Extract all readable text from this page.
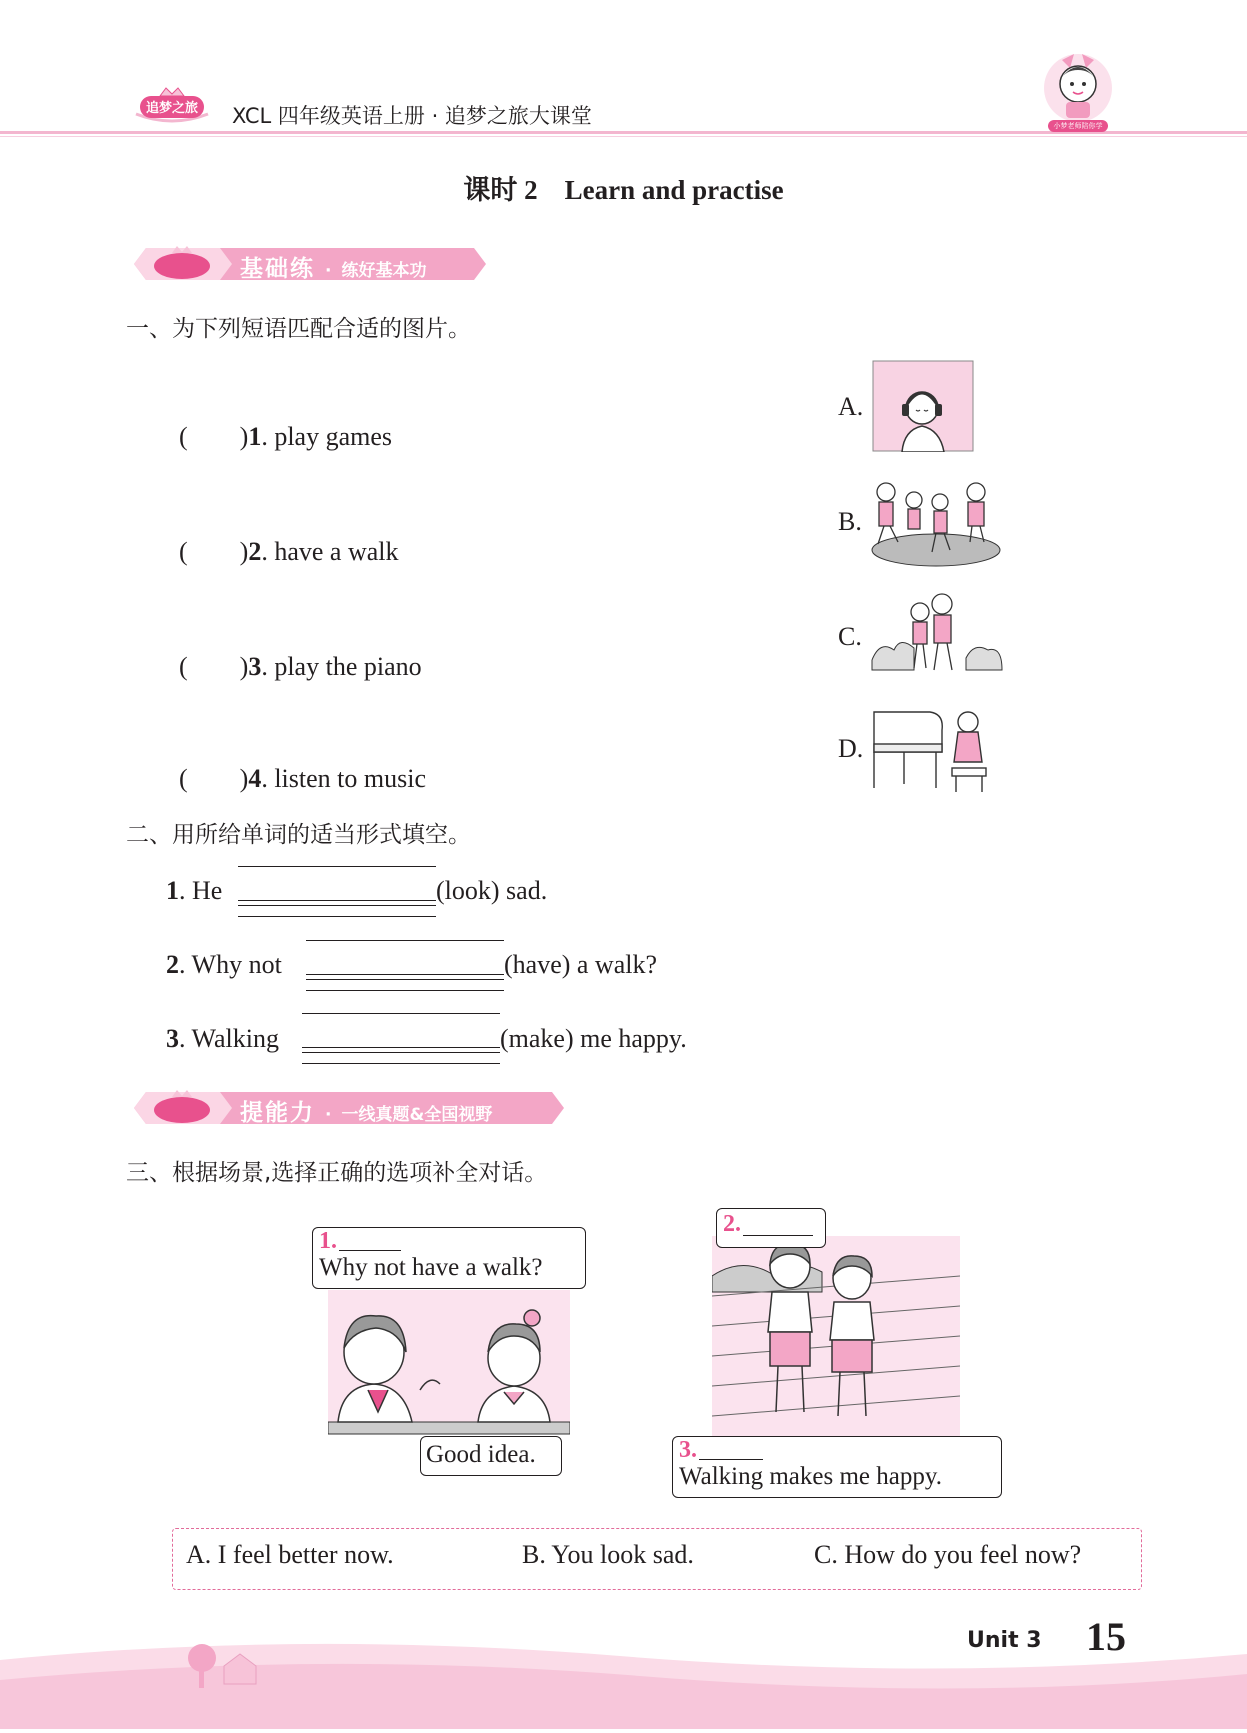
追梦之旅 XCL 四年级英语上册 · 追梦之旅大课堂	小梦老师陪你学
课时 2    Learn and practise
基础练 · 练好基本功
一、为下列短语匹配合适的图片。

(        )1. play games

(        )2. have a walk

(        )3. play the piano

(        )4. listen to music

A.
B.
C.
D.
二、用所给单词的适当形式填空。
1. He	(look) sad.
2. Why not	(have) a walk?
3. Walking	(make) me happy.
提能力 · 一线真题&全国视野
三、根据场景,选择正确的选项补全对话。
1.
Why not have a walk?
Good idea.
2.
3.
Walking makes me happy.
A. I feel better now.	B. You look sad.	C. How do you feel now?
Unit 3 15
